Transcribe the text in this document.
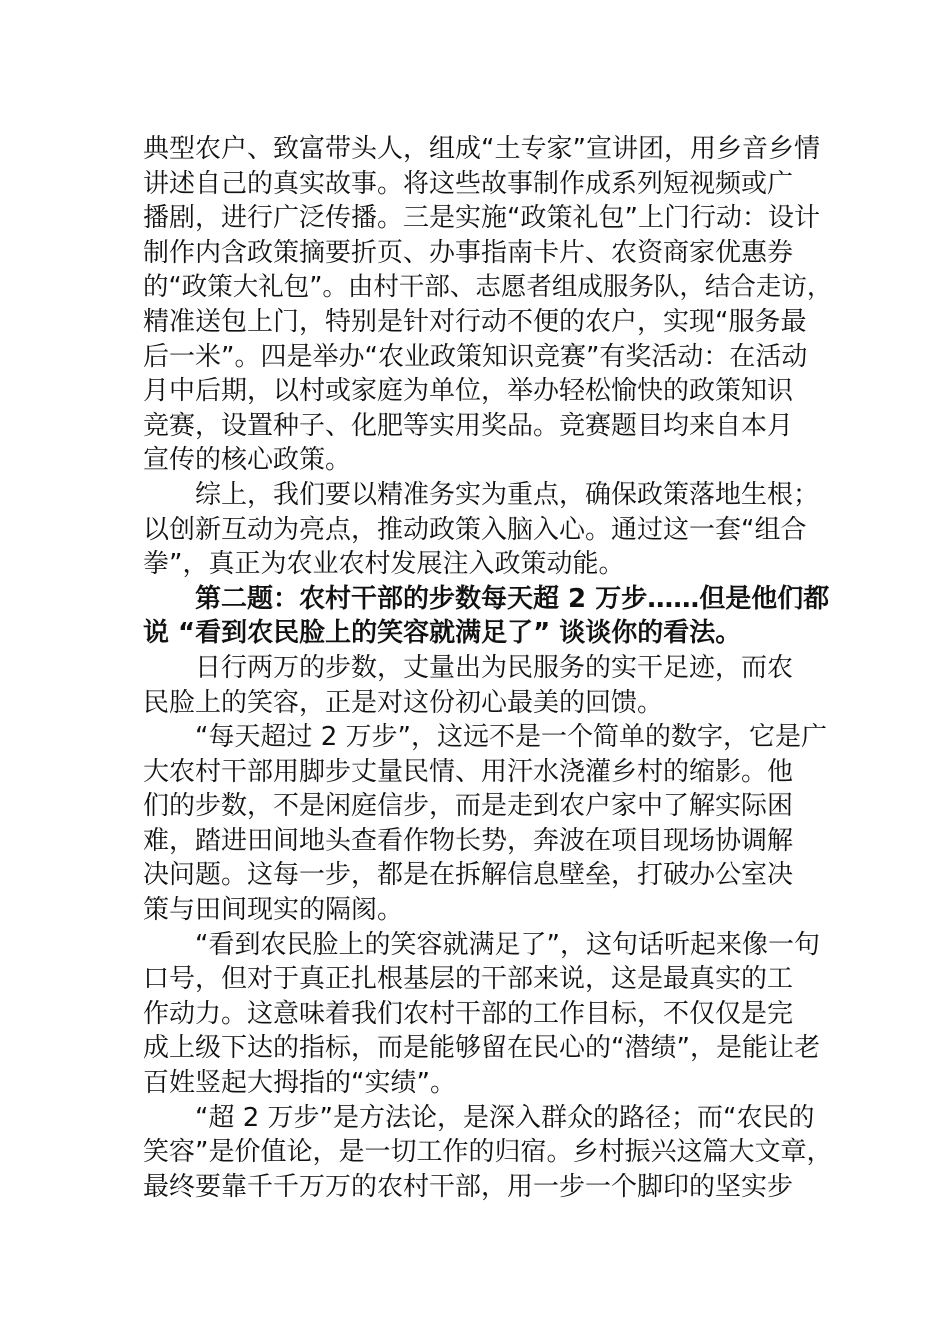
典型农户、致富带头人，组成“土专家”宣讲团，用乡音乡情
讲述自己的真实故事。将这些故事制作成系列短视频或广
播剧，进行广泛传播。三是实施“政策礼包”上门行动：设计
制作内含政策摘要折页、办事指南卡片、农资商家优惠券
的“政策大礼包”。由村干部、志愿者组成服务队，结合走访，
精准送包上门，特别是针对行动不便的农户，实现“服务最
后一米”。四是举办“农业政策知识竞赛”有奖活动：在活动
月中后期，以村或家庭为单位，举办轻松愉快的政策知识
竞赛，设置种子、化肥等实用奖品。竞赛题目均来自本月
宣传的核心政策。
综上，我们要以精准务实为重点，确保政策落地生根；
以创新互动为亮点，推动政策入脑入心。通过这一套“组合
拳”，真正为农业农村发展注入政策动能。
第二题：农村干部的步数每天超 2 万步……但是他们都
说 “看到农民脸上的笑容就满足了” 谈谈你的看法。
日行两万的步数，丈量出为民服务的实干足迹，而农
民脸上的笑容，正是对这份初心最美的回馈。
“每天超过 2 万步”，这远不是一个简单的数字，它是广
大农村干部用脚步丈量民情、用汗水浇灌乡村的缩影。他
们的步数，不是闲庭信步，而是走到农户家中了解实际困
难，踏进田间地头查看作物长势，奔波在项目现场协调解
决问题。这每一步，都是在拆解信息壁垒，打破办公室决
策与田间现实的隔阂。
“看到农民脸上的笑容就满足了”，这句话听起来像一句
口号，但对于真正扎根基层的干部来说，这是最真实的工
作动力。这意味着我们农村干部的工作目标，不仅仅是完
成上级下达的指标，而是能够留在民心的“潜绩”，是能让老
百姓竖起大拇指的“实绩”。
“超 2 万步”是方法论，是深入群众的路径；而“农民的
笑容”是价值论，是一切工作的归宿。乡村振兴这篇大文章，
最终要靠千千万万的农村干部，用一步一个脚印的坚实步
